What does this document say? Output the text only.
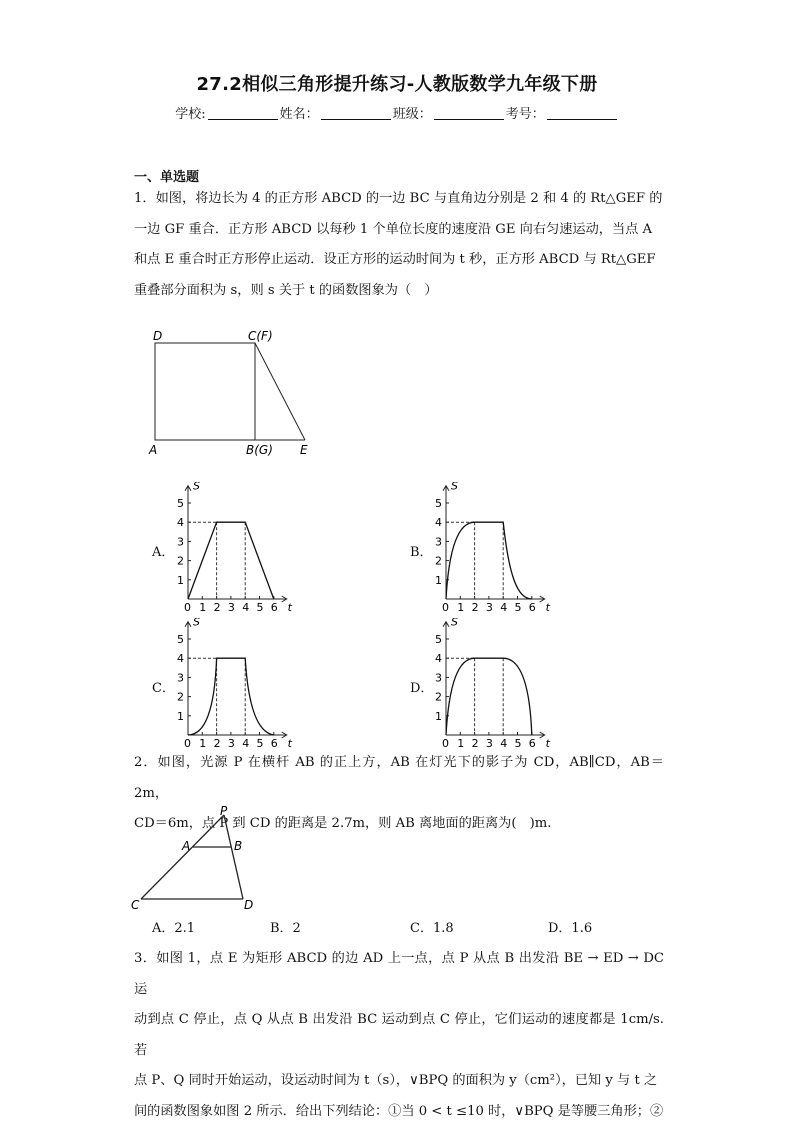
27.2相似三角形提升练习-人教版数学九年级下册
学校:	姓名：	班级：	考号：
一、单选题
1．如图，将边长为 4 的正方形 ABCD 的一边 BC 与直角边分别是 2 和 4 的 Rt△GEF 的
一边 GF 重合．正方形 ABCD 以每秒 1 个单位长度的速度沿 GE 向右匀速运动，当点 A
和点 E 重合时正方形停止运动．设正方形的运动时间为 t 秒，正方形 ABCD 与 Rt△GEF
重叠部分面积为 s，则 s 关于 t 的函数图象为（　）
D	C(F)
A	B(G) E
A．	B．
C．	D．
1
2
3
4
5
1 2 3 4 5 6
0
S
t
1
2
3
4
5
1 2 3 4 5 6
0
S
t
1
2
3
4
5
1 2 3 4 5 6
0
S
t
1
2
3
4
5
1 2 3 4 5 6
0
S
t
2．如图，光源 P 在横杆 AB 的正上方，AB 在灯光下的影子为 CD，AB∥CD，AB＝2m，
CD＝6m，点 P 到 CD 的距离是 2.7m，则 AB 离地面的距离为(　)m.
P
A	B
C	D
A．2.1	B．2	C．1.8	D．1.6
3．如图 1，点 E 为矩形 ABCD 的边 AD 上一点，点 P 从点 B 出发沿 BE → ED → DC 运
动到点 C 停止，点 Q 从点 B 出发沿 BC 运动到点 C 停止，它们运动的速度都是 1cm/s.若
点 P、Q 同时开始运动，设运动时间为 t（s），∨BPQ 的面积为 y（cm²），已知 y 与 t 之
间的函数图象如图 2 所示．给出下列结论：①当 0 < t ≤10 时，∨BPQ 是等腰三角形；②
